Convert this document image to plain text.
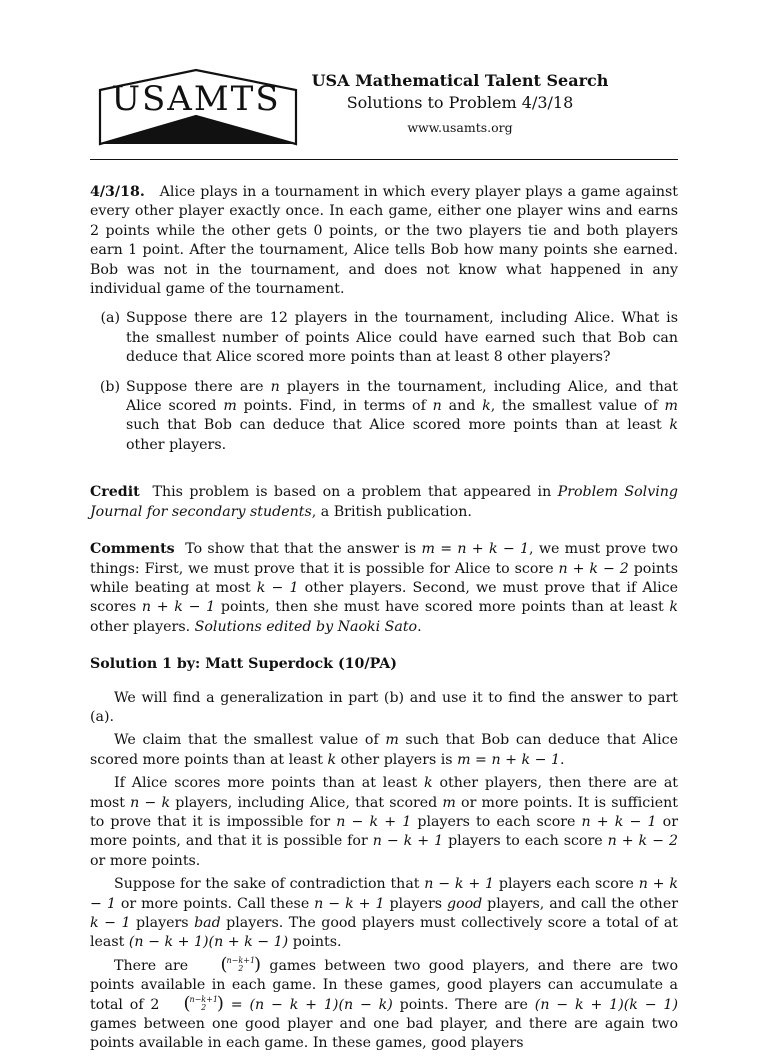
USAMTS	USA Mathematical Talent Search
Solutions to Problem 4/3/18
www.usamts.org

4/3/18. Alice plays in a tournament in which every player plays a game against every other player exactly once. In each game, either one player wins and earns 2 points while the other gets 0 points, or the two players tie and both players earn 1 point. After the tournament, Alice tells Bob how many points she earned. Bob was not in the tournament, and does not know what happened in any individual game of the tournament.

(a) Suppose there are 12 players in the tournament, including Alice. What is the smallest number of points Alice could have earned such that Bob can deduce that Alice scored more points than at least 8 other players?
(b) Suppose there are n players in the tournament, including Alice, and that Alice scored m points. Find, in terms of n and k, the smallest value of m such that Bob can deduce that Alice scored more points than at least k other players.

Credit This problem is based on a problem that appeared in Problem Solving Journal for secondary students, a British publication.

Comments To show that that the answer is m = n + k − 1, we must prove two things: First, we must prove that it is possible for Alice to score n + k − 2 points while beating at most k − 1 other players. Second, we must prove that if Alice scores n + k − 1 points, then she must have scored more points than at least k other players. Solutions edited by Naoki Sato.

Solution 1 by: Matt Superdock (10/PA)

We will find a generalization in part (b) and use it to find the answer to part (a).

We claim that the smallest value of m such that Bob can deduce that Alice scored more points than at least k other players is m = n + k − 1.

If Alice scores more points than at least k other players, then there are at most n − k players, including Alice, that scored m or more points. It is sufficient to prove that it is impossible for n − k + 1 players to each score n + k − 1 or more points, and that it is possible for n − k + 1 players to each score n + k − 2 or more points.

Suppose for the sake of contradiction that n − k + 1 players each score n + k − 1 or more points. Call these n − k + 1 players good players, and call the other k − 1 players bad players. The good players must collectively score a total of at least (n − k + 1)(n + k − 1) points.

There are	( n−k+1
2
)	games between two good players, and there are two points available in each game. In these games, good players can accumulate a total of 2	( n−k+1
2
)	= (n − k + 1)(n − k) points. There are (n − k + 1)(k − 1) games between one good player and one bad player, and there are again two points available in each game. In these games, good players
